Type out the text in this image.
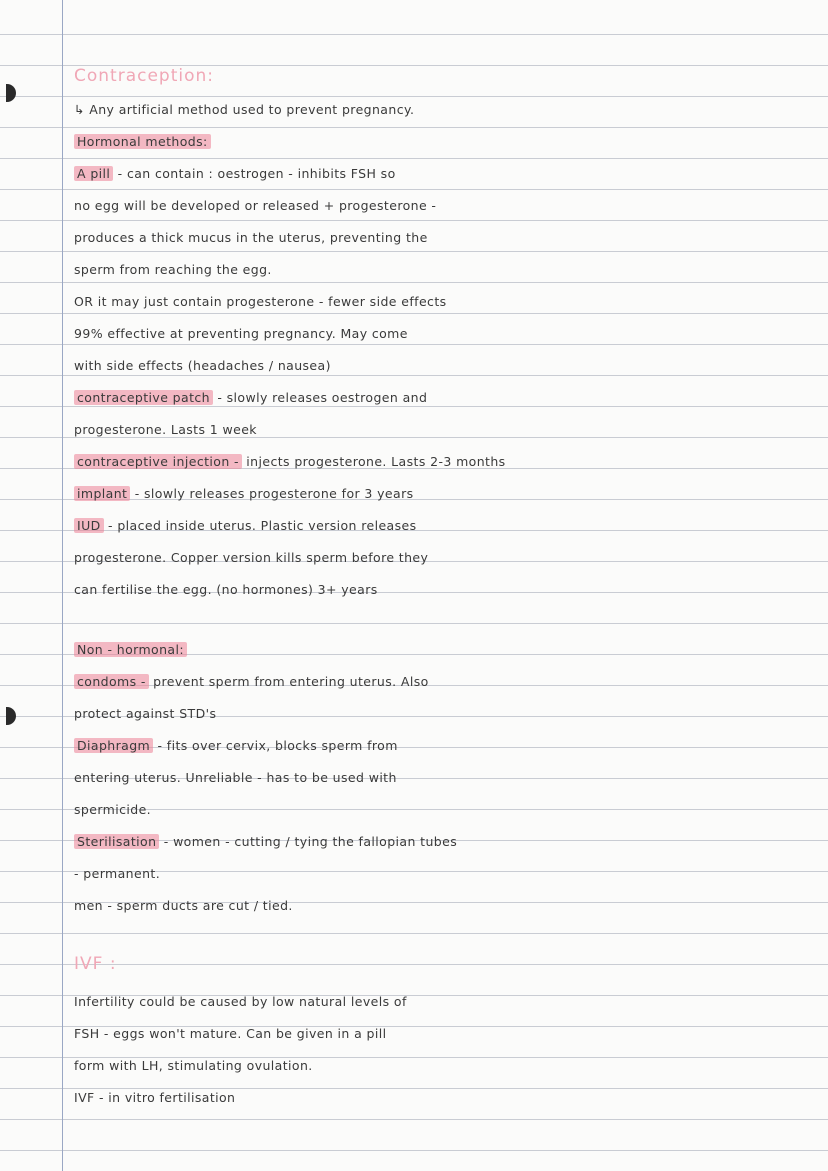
Contraception:
↳ Any artificial method used to prevent pregnancy.
Hormonal methods:
A pill - can contain : oestrogen - inhibits FSH so
no egg will be developed or released + progesterone -
produces a thick mucus in the uterus, preventing the
sperm from reaching the egg.
OR it may just contain progesterone - fewer side effects
99% effective at preventing pregnancy. May come
with side effects (headaches / nausea)
contraceptive patch - slowly releases oestrogen and
progesterone. Lasts 1 week
contraceptive injection - injects progesterone. Lasts 2-3 months
implant - slowly releases progesterone for 3 years
IUD - placed inside uterus. Plastic version releases
progesterone. Copper version kills sperm before they
can fertilise the egg. (no hormones) 3+ years
Non - hormonal:
condoms - prevent sperm from entering uterus. Also
protect against STD's
Diaphragm - fits over cervix, blocks sperm from
entering uterus. Unreliable - has to be used with
spermicide.
Sterilisation - women - cutting / tying the fallopian tubes
- permanent.
men - sperm ducts are cut / tied.
IVF :
Infertility could be caused by low natural levels of
FSH - eggs won't mature. Can be given in a pill
form with LH, stimulating ovulation.
IVF - in vitro fertilisation
